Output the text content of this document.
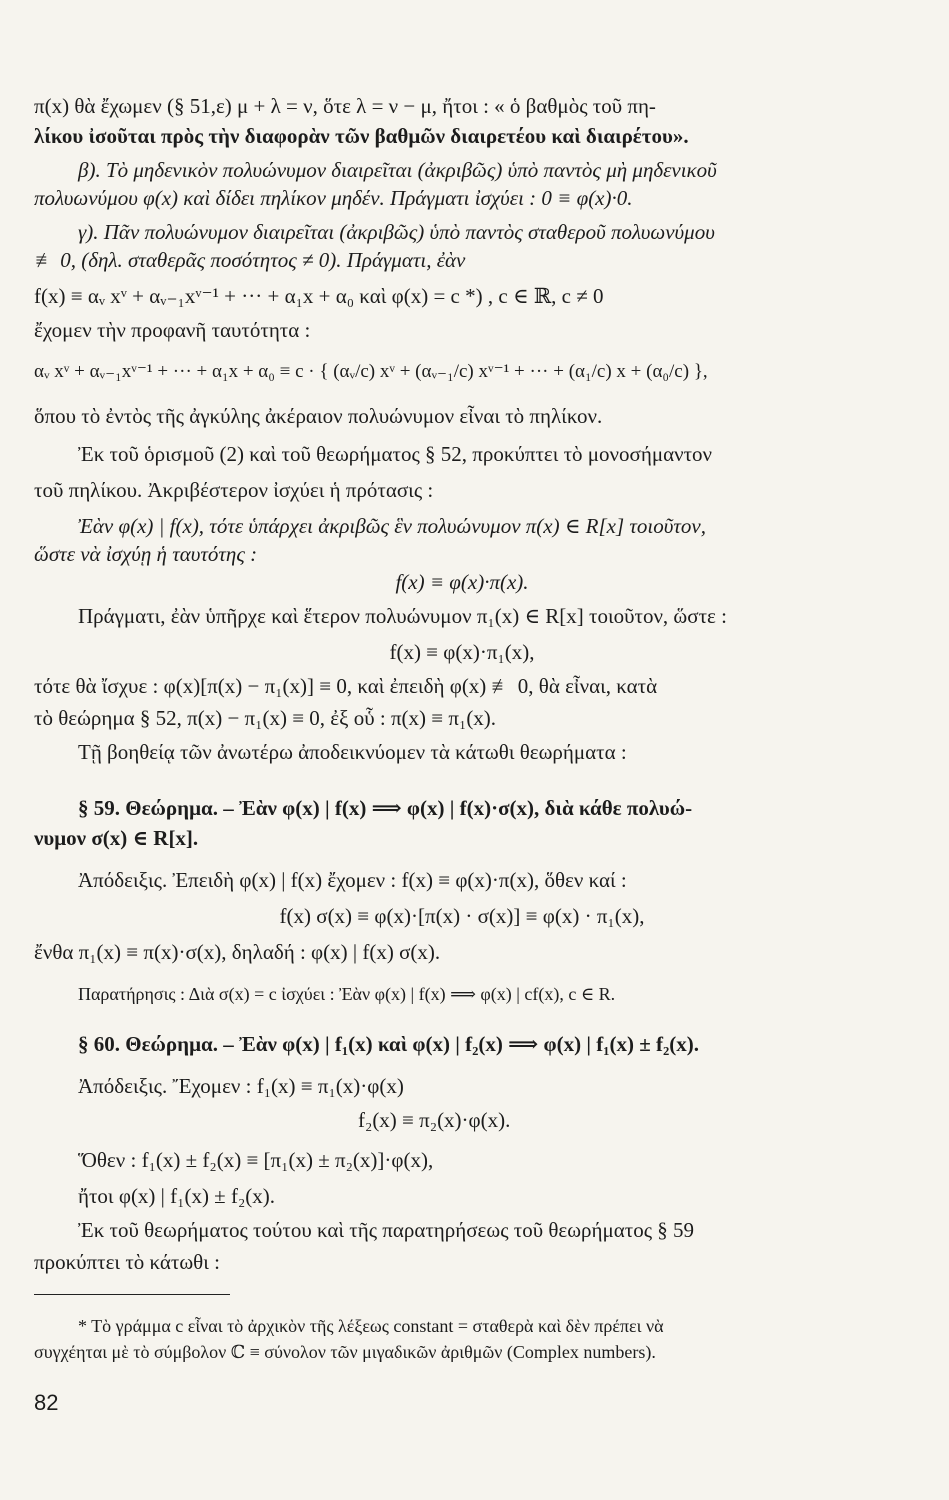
π(x) θὰ ἔχωμεν (§ 51,ε) μ + λ = ν, ὅτε λ = ν − μ, ἤτοι : « ὁ βαθμὸς τοῦ πη-
λίκου ἰσοῦται πρὸς τὴν διαφορὰν τῶν βαθμῶν διαιρετέου καὶ διαιρέτου».
β). Τὸ μηδενικὸν πολυώνυμον διαιρεῖται (ἀκριβῶς) ὑπὸ παντὸς μὴ μηδενικοῦ
πολυωνύμου φ(x) καὶ δίδει πηλίκον μηδέν. Πράγματι ἰσχύει : 0 ≡ φ(x)·0.
γ). Πᾶν πολυώνυμον διαιρεῖται (ἀκριβῶς) ὑπὸ παντὸς σταθεροῦ πολυωνύμου
≢ 0, (δηλ. σταθερᾶς ποσότητος ≠ 0). Πράγματι, ἐὰν
f(x) ≡ αᵥ xᵛ + αᵥ₋₁xᵛ⁻¹ + ··· + α₁x + α₀ καὶ φ(x) = c *) , c ∈ ℝ, c ≠ 0
ἔχομεν τὴν προφανῆ ταυτότητα :
αᵥ xᵛ + αᵥ₋₁xᵛ⁻¹ + ··· + α₁x + α₀ ≡ c · { (αᵥ/c) xᵛ + (αᵥ₋₁/c) xᵛ⁻¹ + ··· + (α₁/c) x + (α₀/c) },
ὅπου τὸ ἐντὸς τῆς ἀγκύλης ἀκέραιον πολυώνυμον εἶναι τὸ πηλίκον.
Ἐκ τοῦ ὁρισμοῦ (2) καὶ τοῦ θεωρήματος § 52, προκύπτει τὸ μονοσήμαντον
τοῦ πηλίκου. Ἀκριβέστερον ἰσχύει ἡ πρότασις :
Ἐὰν φ(x) | f(x), τότε ὑπάρχει ἀκριβῶς ἓν πολυώνυμον π(x) ∈ R[x] τοιοῦτον,
ὥστε νὰ ἰσχύῃ ἡ ταυτότης :
f(x) ≡ φ(x)·π(x).
Πράγματι, ἐὰν ὑπῆρχε καὶ ἕτερον πολυώνυμον π₁(x) ∈ R[x] τοιοῦτον, ὥστε :
f(x) ≡ φ(x)·π₁(x),
τότε θὰ ἴσχυε : φ(x)[π(x) − π₁(x)] ≡ 0, καὶ ἐπειδὴ φ(x) ≢ 0, θὰ εἶναι, κατὰ
τὸ θεώρημα § 52, π(x) − π₁(x) ≡ 0, ἐξ οὗ : π(x) ≡ π₁(x).
Τῇ βοηθείᾳ τῶν ἀνωτέρω ἀποδεικνύομεν τὰ κάτωθι θεωρήματα :
§ 59. Θεώρημα. – Ἐὰν φ(x) | f(x) ⟹ φ(x) | f(x)·σ(x), διὰ κάθε πολυώ-
νυμον σ(x) ∈ R[x].
Ἀπόδειξις. Ἐπειδὴ φ(x) | f(x) ἔχομεν : f(x) ≡ φ(x)·π(x), ὅθεν καί :
f(x) σ(x) ≡ φ(x)·[π(x) · σ(x)] ≡ φ(x) · π₁(x),
ἔνθα π₁(x) ≡ π(x)·σ(x), δηλαδή : φ(x) | f(x) σ(x).
Παρατήρησις : Διὰ σ(x) = c ἰσχύει : Ἐὰν φ(x) | f(x) ⟹ φ(x) | cf(x), c ∈ R.
§ 60. Θεώρημα. – Ἐὰν φ(x) | f₁(x) καὶ φ(x) | f₂(x) ⟹ φ(x) | f₁(x) ± f₂(x).
Ἀπόδειξις. Ἔχομεν : f₁(x) ≡ π₁(x)·φ(x)
f₂(x) ≡ π₂(x)·φ(x).
Ὅθεν : f₁(x) ± f₂(x) ≡ [π₁(x) ± π₂(x)]·φ(x),
ἤτοι φ(x) | f₁(x) ± f₂(x).
Ἐκ τοῦ θεωρήματος τούτου καὶ τῆς παρατηρήσεως τοῦ θεωρήματος § 59
προκύπτει τὸ κάτωθι :
* Τὸ γράμμα c εἶναι τὸ ἀρχικὸν τῆς λέξεως constant = σταθερὰ καὶ δὲν πρέπει νὰ
συγχέηται μὲ τὸ σύμβολον ℂ ≡ σύνολον τῶν μιγαδικῶν ἀριθμῶν (Complex numbers).
82
